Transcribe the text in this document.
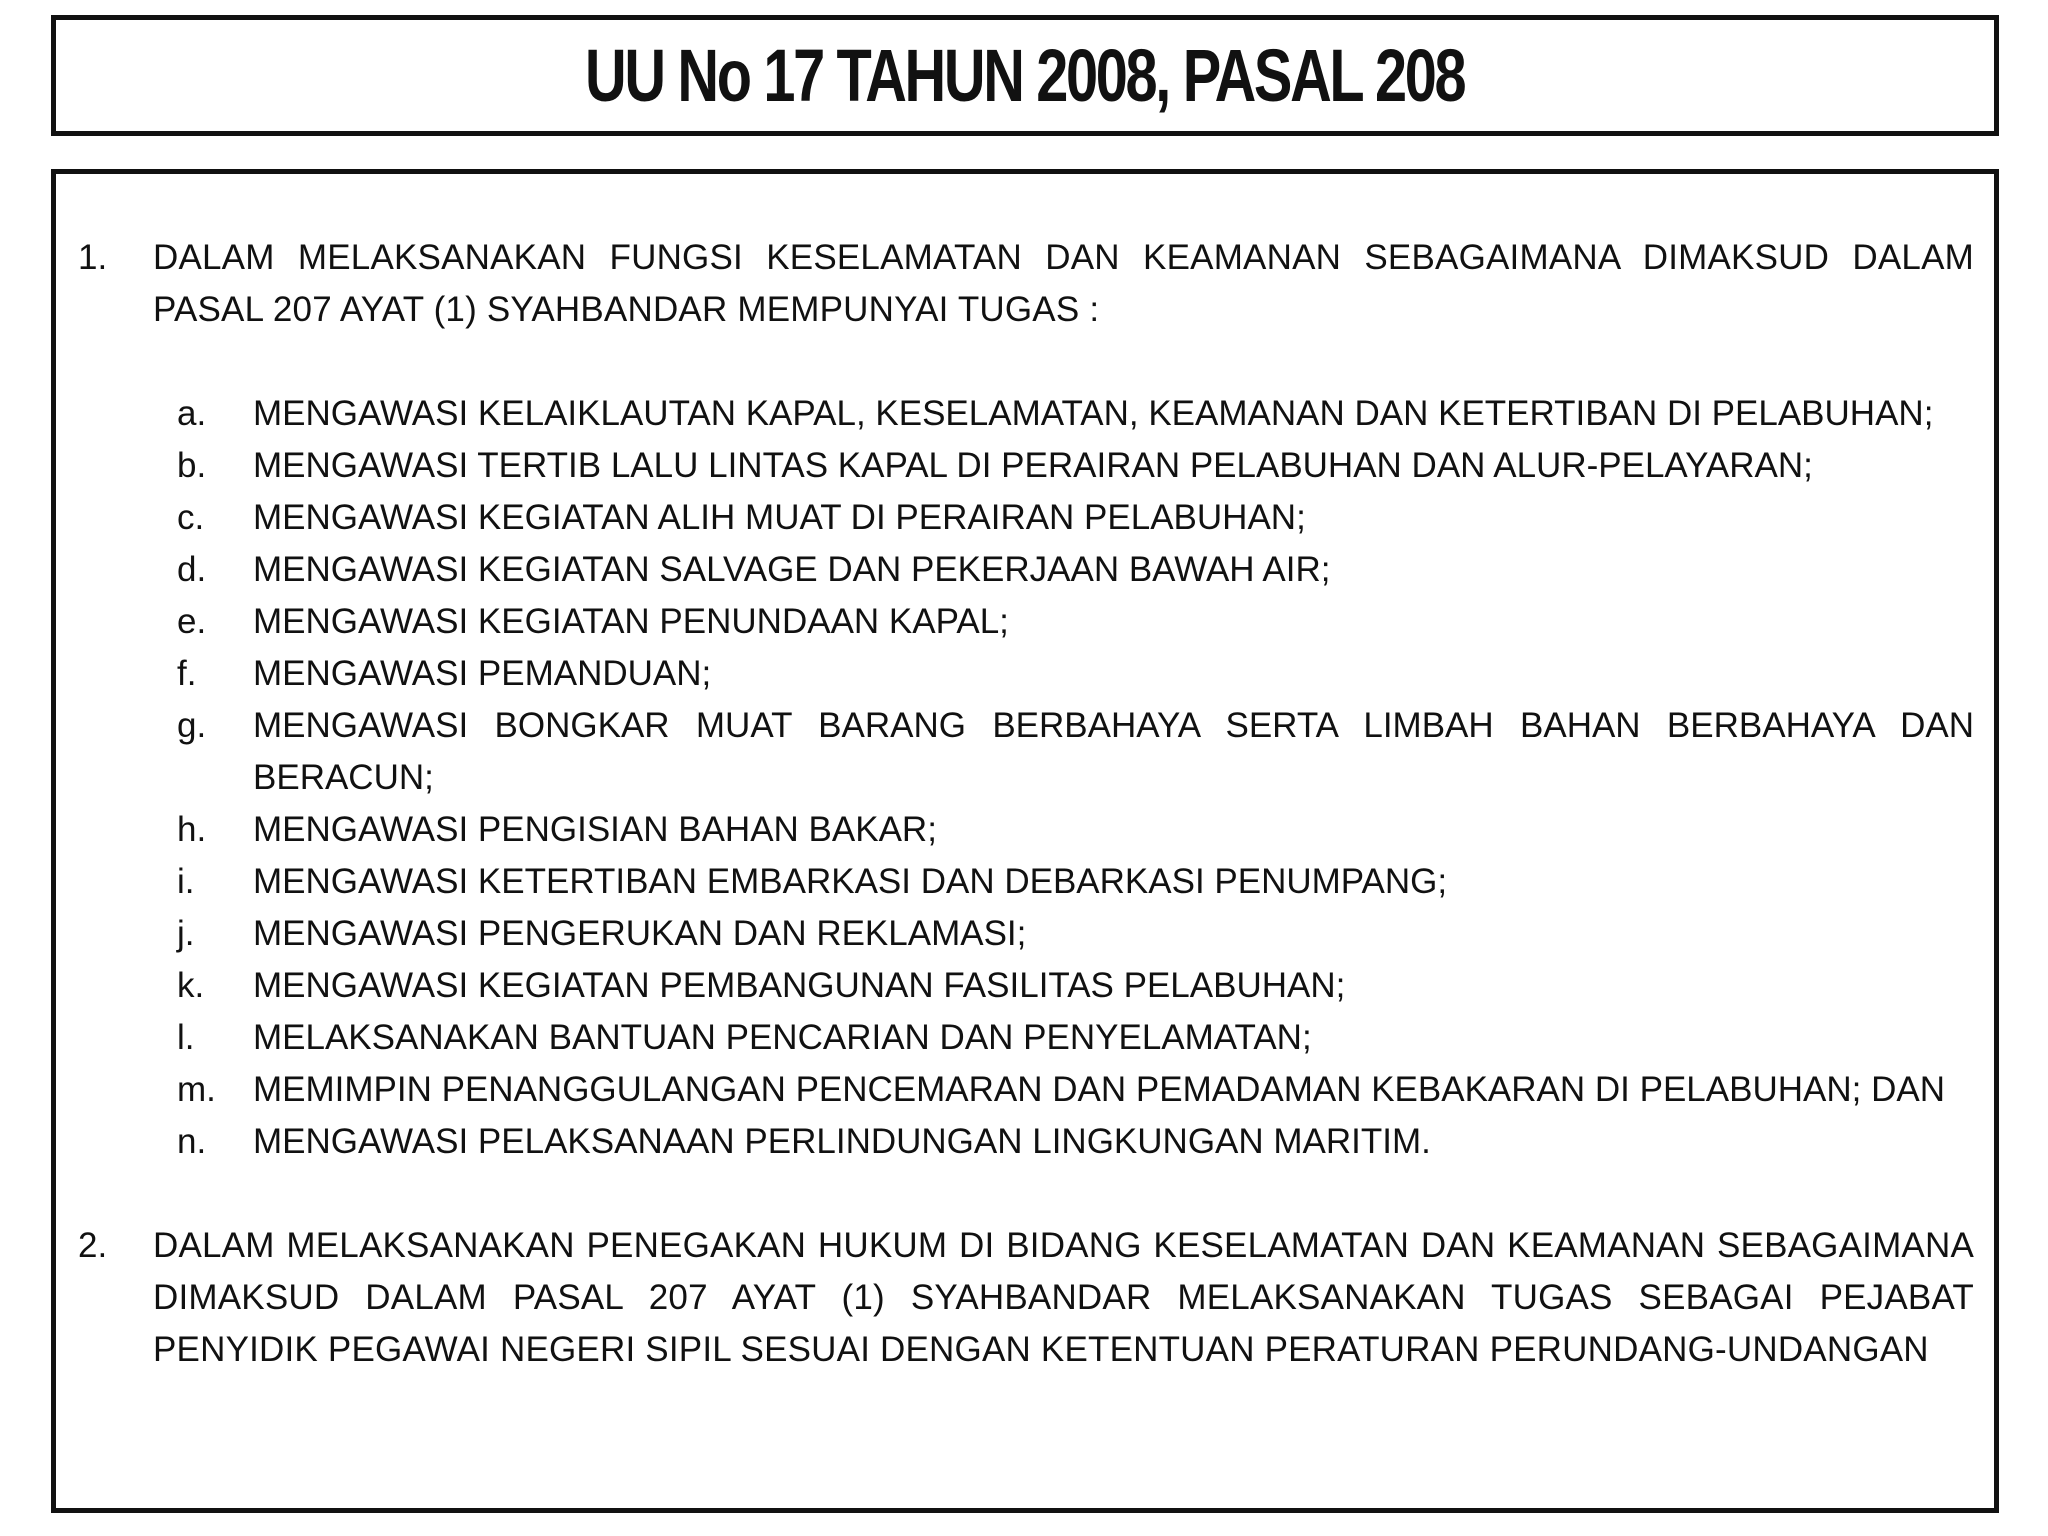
UU No 17 TAHUN 2008, PASAL 208
1.	DALAM MELAKSANAKAN FUNGSI KESELAMATAN DAN KEAMANAN SEBAGAIMANA DIMAKSUD DALAM PASAL 207 AYAT (1) SYAHBANDAR MEMPUNYAI TUGAS :
a.	MENGAWASI KELAIKLAUTAN KAPAL, KESELAMATAN, KEAMANAN DAN KETERTIBAN DI PELABUHAN;
b.	MENGAWASI TERTIB LALU LINTAS KAPAL DI PERAIRAN PELABUHAN DAN ALUR-PELAYARAN;
c.	MENGAWASI KEGIATAN ALIH MUAT DI PERAIRAN PELABUHAN;
d.	MENGAWASI KEGIATAN SALVAGE DAN PEKERJAAN BAWAH AIR;
e.	MENGAWASI KEGIATAN PENUNDAAN KAPAL;
f.	MENGAWASI PEMANDUAN;
g.	MENGAWASI BONGKAR MUAT BARANG BERBAHAYA SERTA LIMBAH BAHAN BERBAHAYA DAN BERACUN;
h.	MENGAWASI PENGISIAN BAHAN BAKAR;
i.	MENGAWASI KETERTIBAN EMBARKASI DAN DEBARKASI PENUMPANG;
j.	MENGAWASI PENGERUKAN DAN REKLAMASI;
k.	MENGAWASI KEGIATAN PEMBANGUNAN FASILITAS PELABUHAN;
l.	MELAKSANAKAN BANTUAN PENCARIAN DAN PENYELAMATAN;
m.	MEMIMPIN PENANGGULANGAN PENCEMARAN DAN PEMADAMAN KEBAKARAN DI PELABUHAN; DAN
n.	MENGAWASI PELAKSANAAN PERLINDUNGAN LINGKUNGAN MARITIM.
2.	DALAM MELAKSANAKAN PENEGAKAN HUKUM DI BIDANG KESELAMATAN DAN KEAMANAN SEBAGAIMANA DIMAKSUD DALAM PASAL 207 AYAT (1) SYAHBANDAR MELAKSANAKAN TUGAS SEBAGAI PEJABAT PENYIDIK PEGAWAI NEGERI SIPIL SESUAI DENGAN KETENTUAN PERATURAN PERUNDANG-UNDANGAN
